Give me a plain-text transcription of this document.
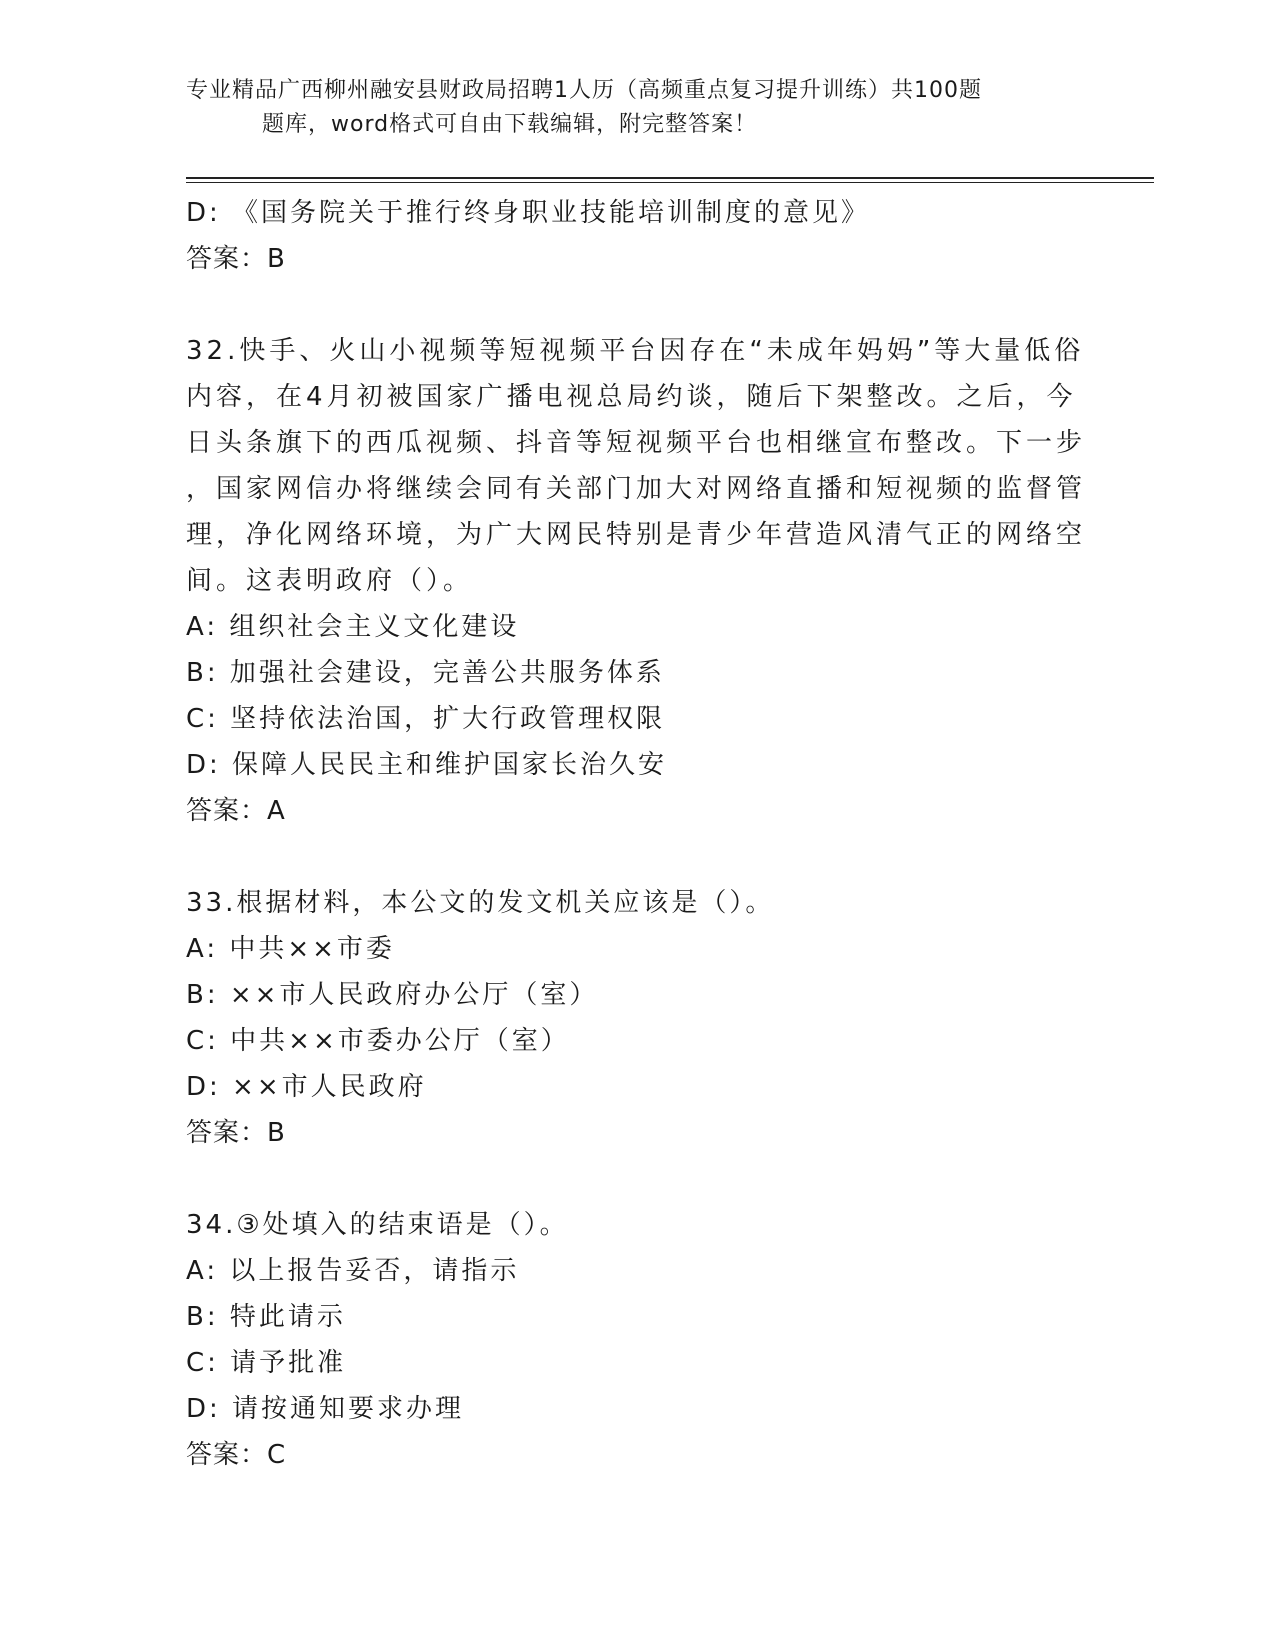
专业精品广西柳州融安县财政局招聘1人历（高频重点复习提升训练）共100题
题库，word格式可自由下载编辑，附完整答案！
D: 《国务院关于推行终身职业技能培训制度的意见》
答案：B
32.快手、火山小视频等短视频平台因存在“未成年妈妈”等大量低俗
内容，在4月初被国家广播电视总局约谈，随后下架整改。之后，今
日头条旗下的西瓜视频、抖音等短视频平台也相继宣布整改。下一步
，国家网信办将继续会同有关部门加大对网络直播和短视频的监督管
理，净化网络环境，为广大网民特别是青少年营造风清气正的网络空
间。这表明政府（）。
A: 组织社会主义文化建设
B: 加强社会建设，完善公共服务体系
C: 坚持依法治国，扩大行政管理权限
D: 保障人民民主和维护国家长治久安
答案：A
33.根据材料，本公文的发文机关应该是（）。
A: 中共××市委
B: ××市人民政府办公厅（室）
C: 中共××市委办公厅（室）
D: ××市人民政府
答案：B
34.③处填入的结束语是（）。
A: 以上报告妥否，请指示
B: 特此请示
C: 请予批准
D: 请按通知要求办理
答案：C
